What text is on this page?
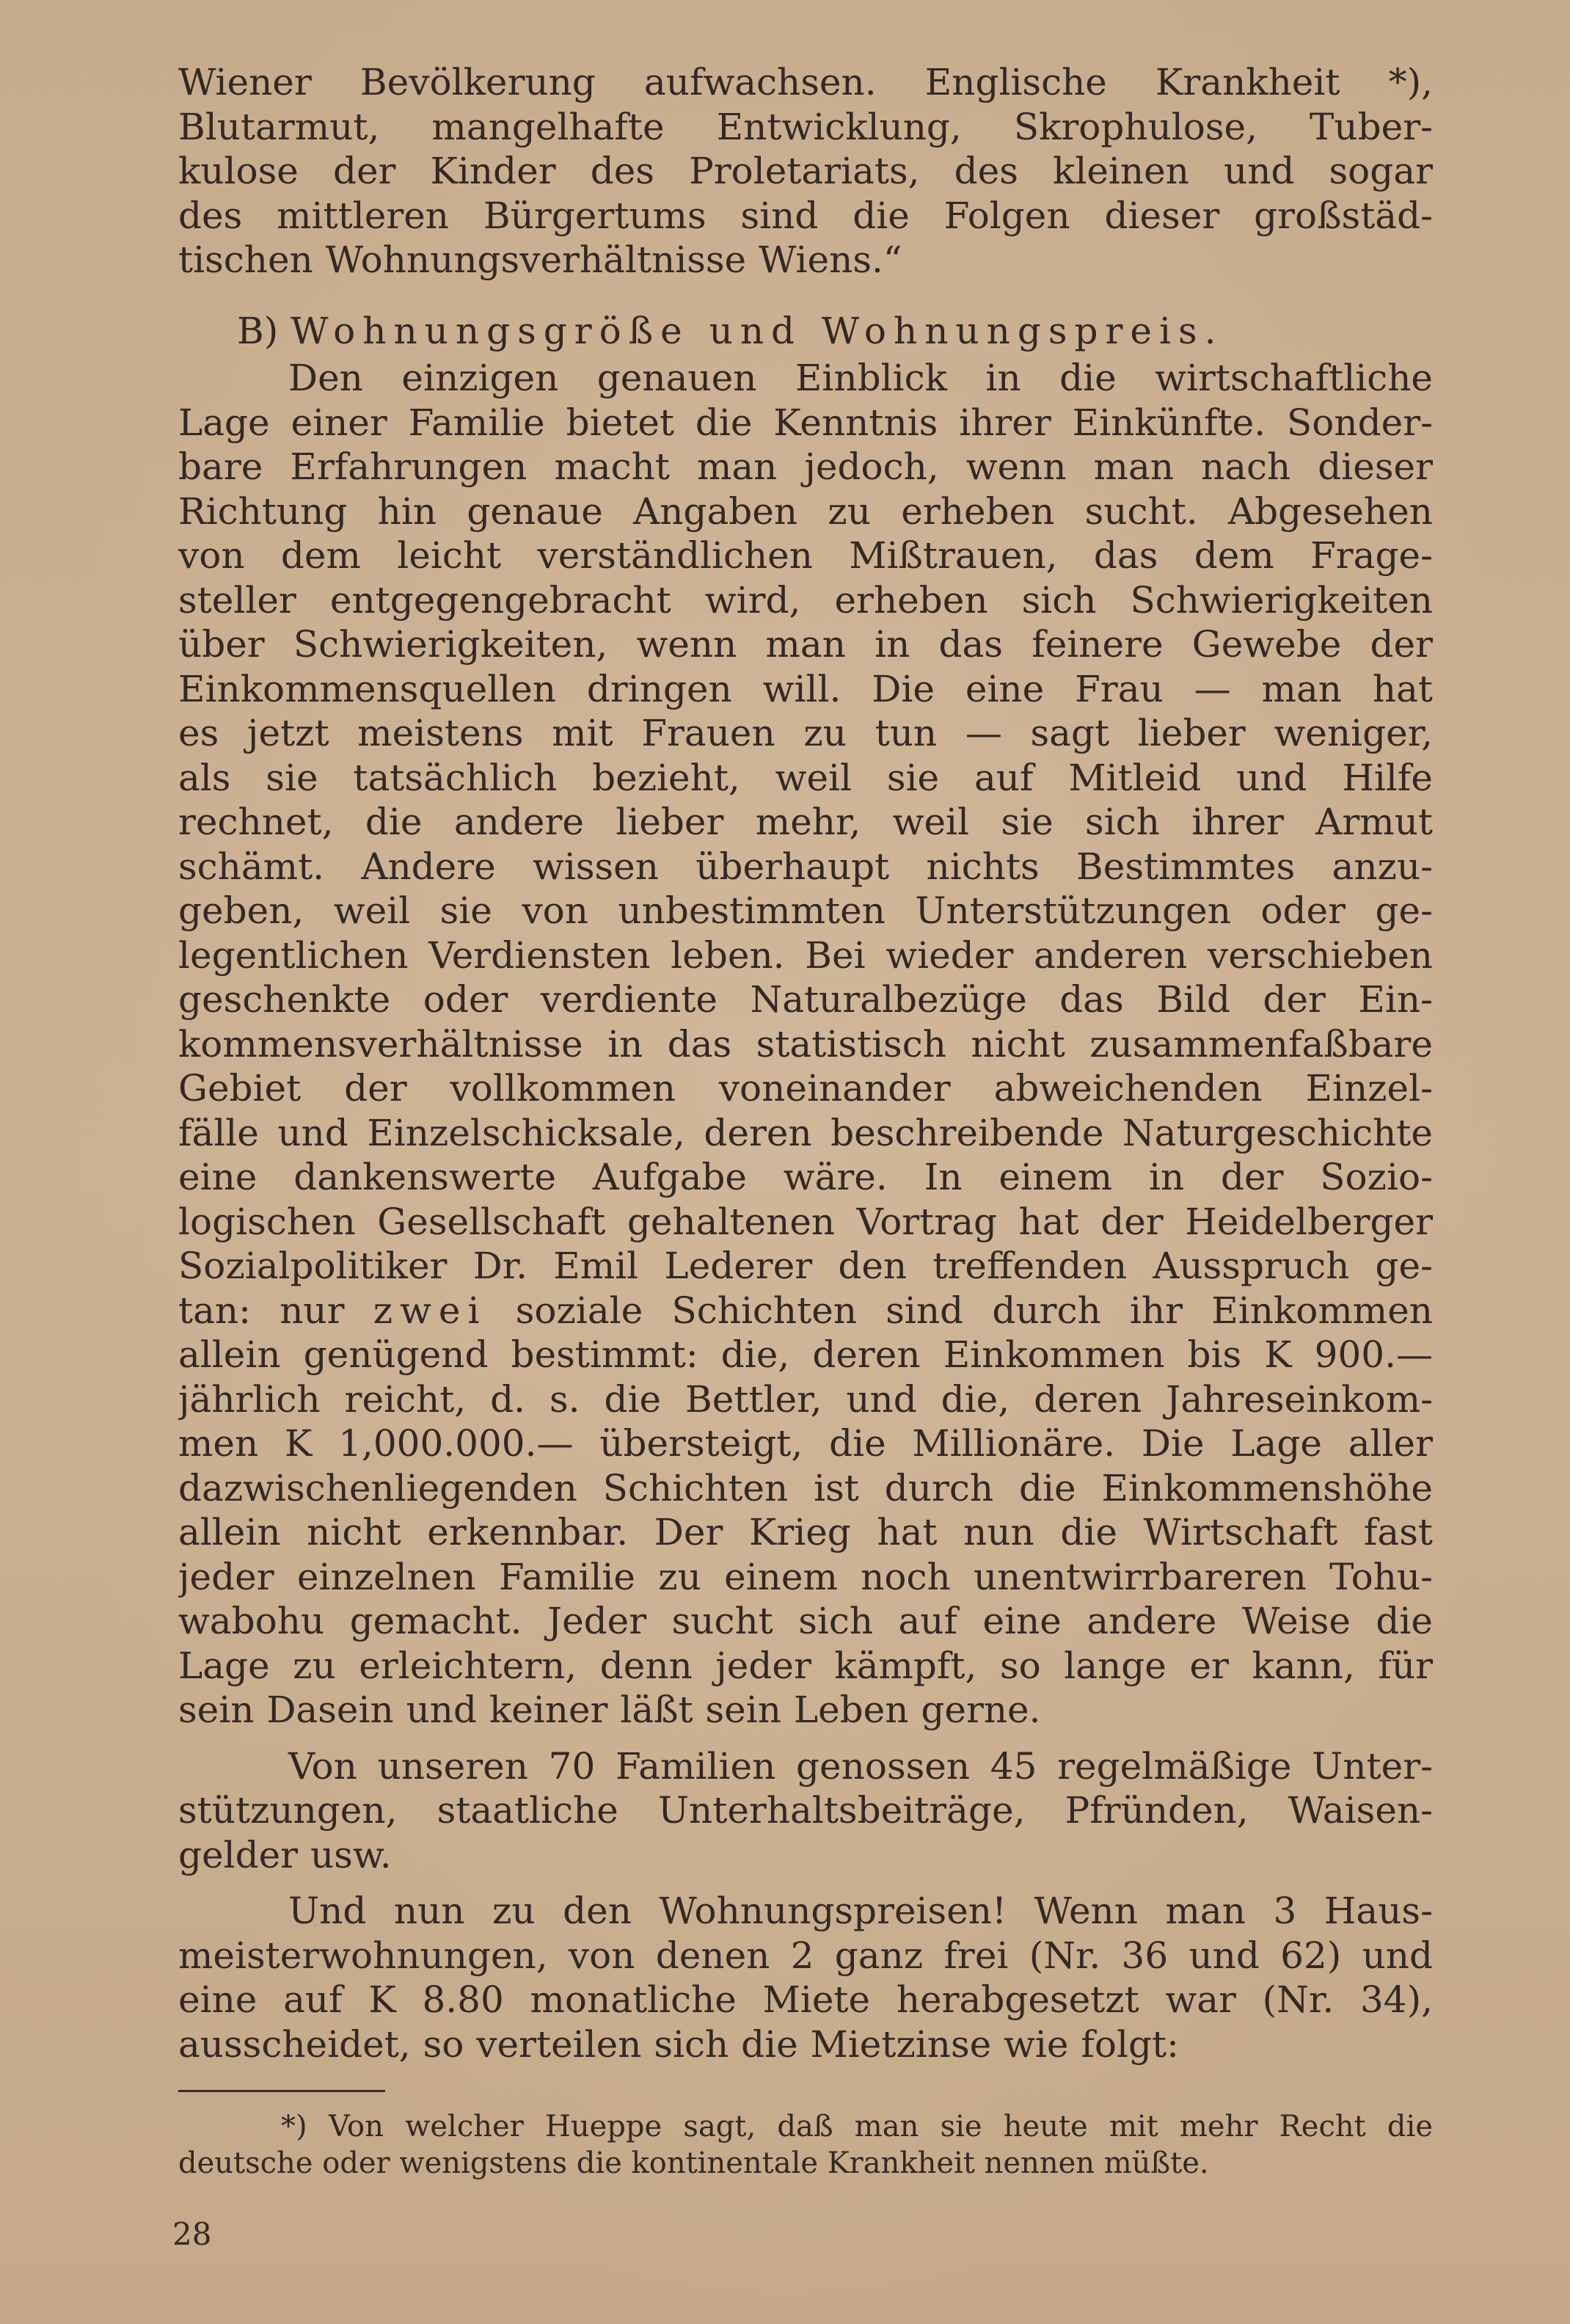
Wiener Bevölkerung aufwachsen. Englische Krankheit *),
Blutarmut, mangelhafte Entwicklung, Skrophulose, Tuber-
kulose der Kinder des Proletariats, des kleinen und sogar
des mittleren Bürgertums sind die Folgen dieser großstäd-
tischen Wohnungsverhältnisse Wiens.“
B) Wohnungsgröße und Wohnungspreis.
Den einzigen genauen Einblick in die wirtschaftliche
Lage einer Familie bietet die Kenntnis ihrer Einkünfte. Sonder-
bare Erfahrungen macht man jedoch, wenn man nach dieser
Richtung hin genaue Angaben zu erheben sucht. Abgesehen
von dem leicht verständlichen Mißtrauen, das dem Frage-
steller entgegengebracht wird, erheben sich Schwierigkeiten
über Schwierigkeiten, wenn man in das feinere Gewebe der
Einkommensquellen dringen will. Die eine Frau — man hat
es jetzt meistens mit Frauen zu tun — sagt lieber weniger,
als sie tatsächlich bezieht, weil sie auf Mitleid und Hilfe
rechnet, die andere lieber mehr, weil sie sich ihrer Armut
schämt. Andere wissen überhaupt nichts Bestimmtes anzu-
geben, weil sie von unbestimmten Unterstützungen oder ge-
legentlichen Verdiensten leben. Bei wieder anderen verschieben
geschenkte oder verdiente Naturalbezüge das Bild der Ein-
kommensverhältnisse in das statistisch nicht zusammenfaßbare
Gebiet der vollkommen voneinander abweichenden Einzel-
fälle und Einzelschicksale, deren beschreibende Naturgeschichte
eine dankenswerte Aufgabe wäre. In einem in der Sozio-
logischen Gesellschaft gehaltenen Vortrag hat der Heidelberger
Sozialpolitiker Dr. Emil Lederer den treffenden Ausspruch ge-
tan: nur zwei soziale Schichten sind durch ihr Einkommen
allein genügend bestimmt: die, deren Einkommen bis K 900.—
jährlich reicht, d. s. die Bettler, und die, deren Jahreseinkom-
men K 1,000.000.— übersteigt, die Millionäre. Die Lage aller
dazwischenliegenden Schichten ist durch die Einkommenshöhe
allein nicht erkennbar. Der Krieg hat nun die Wirtschaft fast
jeder einzelnen Familie zu einem noch unentwirrbareren Tohu-
wabohu gemacht. Jeder sucht sich auf eine andere Weise die
Lage zu erleichtern, denn jeder kämpft, so lange er kann, für
sein Dasein und keiner läßt sein Leben gerne.
Von unseren 70 Familien genossen 45 regelmäßige Unter-
stützungen, staatliche Unterhaltsbeiträge, Pfründen, Waisen-
gelder usw.
Und nun zu den Wohnungspreisen! Wenn man 3 Haus-
meisterwohnungen, von denen 2 ganz frei (Nr. 36 und 62) und
eine auf K 8.80 monatliche Miete herabgesetzt war (Nr. 34),
ausscheidet, so verteilen sich die Mietzinse wie folgt:
*) Von welcher Hueppe sagt, daß man sie heute mit mehr Recht die
deutsche oder wenigstens die kontinentale Krankheit nennen müßte.
28
